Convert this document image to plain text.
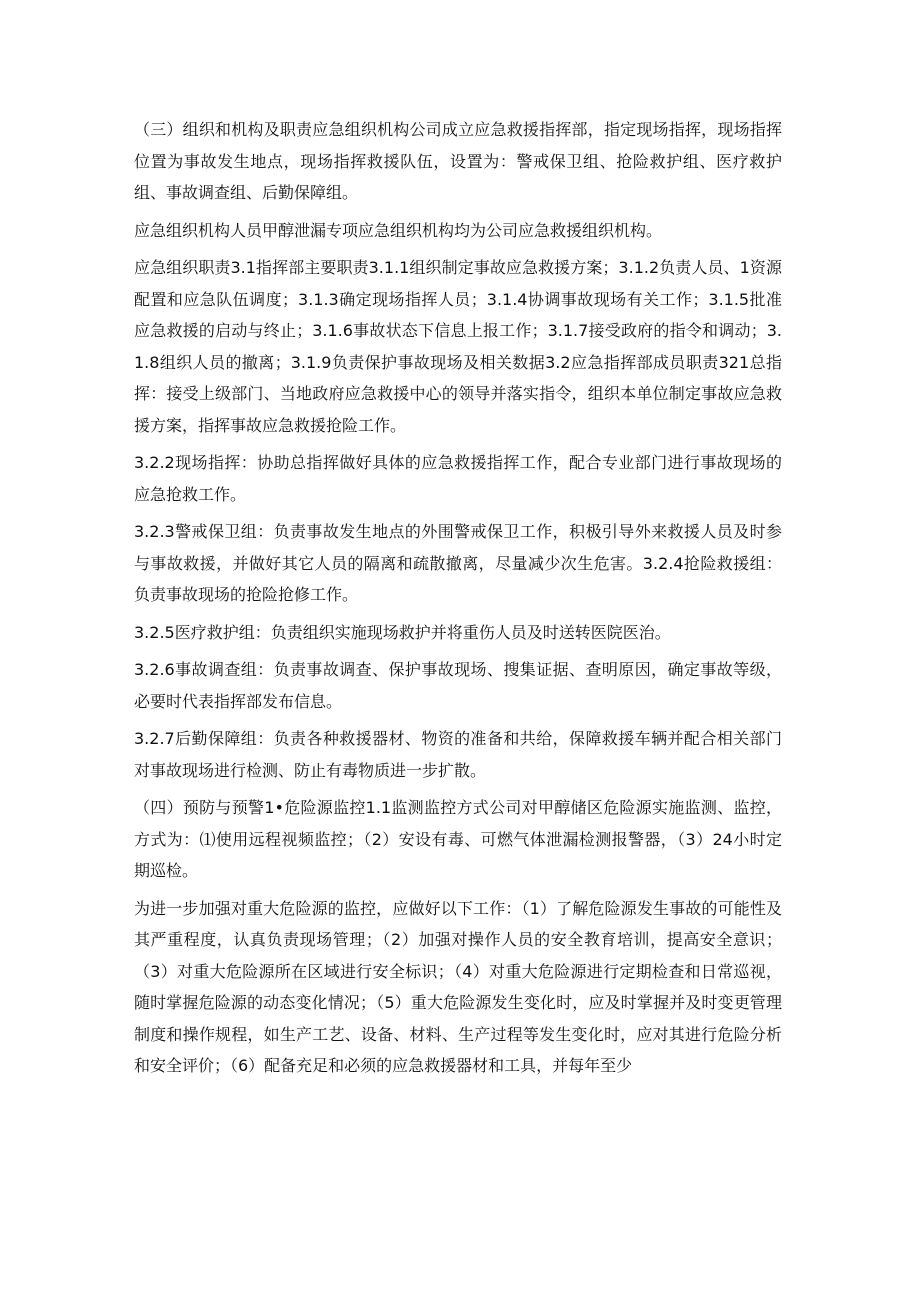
（三）组织和机构及职责应急组织机构公司成立应急救援指挥部，指定现场指挥，现场指挥位置为事故发生地点，现场指挥救援队伍，设置为：警戒保卫组、抢险救护组、医疗救护组、事故调查组、后勤保障组。

应急组织机构人员甲醇泄漏专项应急组织机构均为公司应急救援组织机构。

应急组织职责3.1指挥部主要职责3.1.1组织制定事故应急救援方案；3.1.2负责人员、1资源配置和应急队伍调度；3.1.3确定现场指挥人员；3.1.4协调事故现场有关工作；3.1.5批准应急救援的启动与终止；3.1.6事故状态下信息上报工作；3.1.7接受政府的指令和调动；3.1.8组织人员的撤离；3.1.9负责保护事故现场及相关数据3.2应急指挥部成员职责321总指挥：接受上级部门、当地政府应急救援中心的领导并落实指令，组织本单位制定事故应急救援方案，指挥事故应急救援抢险工作。

3.2.2现场指挥：协助总指挥做好具体的应急救援指挥工作，配合专业部门进行事故现场的应急抢救工作。

3.2.3警戒保卫组：负责事故发生地点的外围警戒保卫工作，积极引导外来救援人员及时参与事故救援，并做好其它人员的隔离和疏散撤离，尽量减少次生危害。3.2.4抢险救援组：负责事故现场的抢险抢修工作。

3.2.5医疗救护组：负责组织实施现场救护并将重伤人员及时送转医院医治。

3.2.6事故调查组：负责事故调查、保护事故现场、搜集证据、查明原因，确定事故等级，必要时代表指挥部发布信息。

3.2.7后勤保障组：负责各种救援器材、物资的准备和共给，保障救援车辆并配合相关部门对事故现场进行检测、防止有毒物质进一步扩散。

（四）预防与预警1•危险源监控1.1监测监控方式公司对甲醇储区危险源实施监测、监控，方式为：⑴使用远程视频监控；（2）安设有毒、可燃气体泄漏检测报警器，（3）24小时定期巡检。

为进一步加强对重大危险源的监控，应做好以下工作：（1）了解危险源发生事故的可能性及其严重程度，认真负责现场管理；（2）加强对操作人员的安全教育培训，提高安全意识；（3）对重大危险源所在区域进行安全标识；（4）对重大危险源进行定期检查和日常巡视，随时掌握危险源的动态变化情况；（5）重大危险源发生变化时，应及时掌握并及时变更管理制度和操作规程，如生产工艺、设备、材料、生产过程等发生变化时，应对其进行危险分析和安全评价；（6）配备充足和必须的应急救援器材和工具，并每年至少
